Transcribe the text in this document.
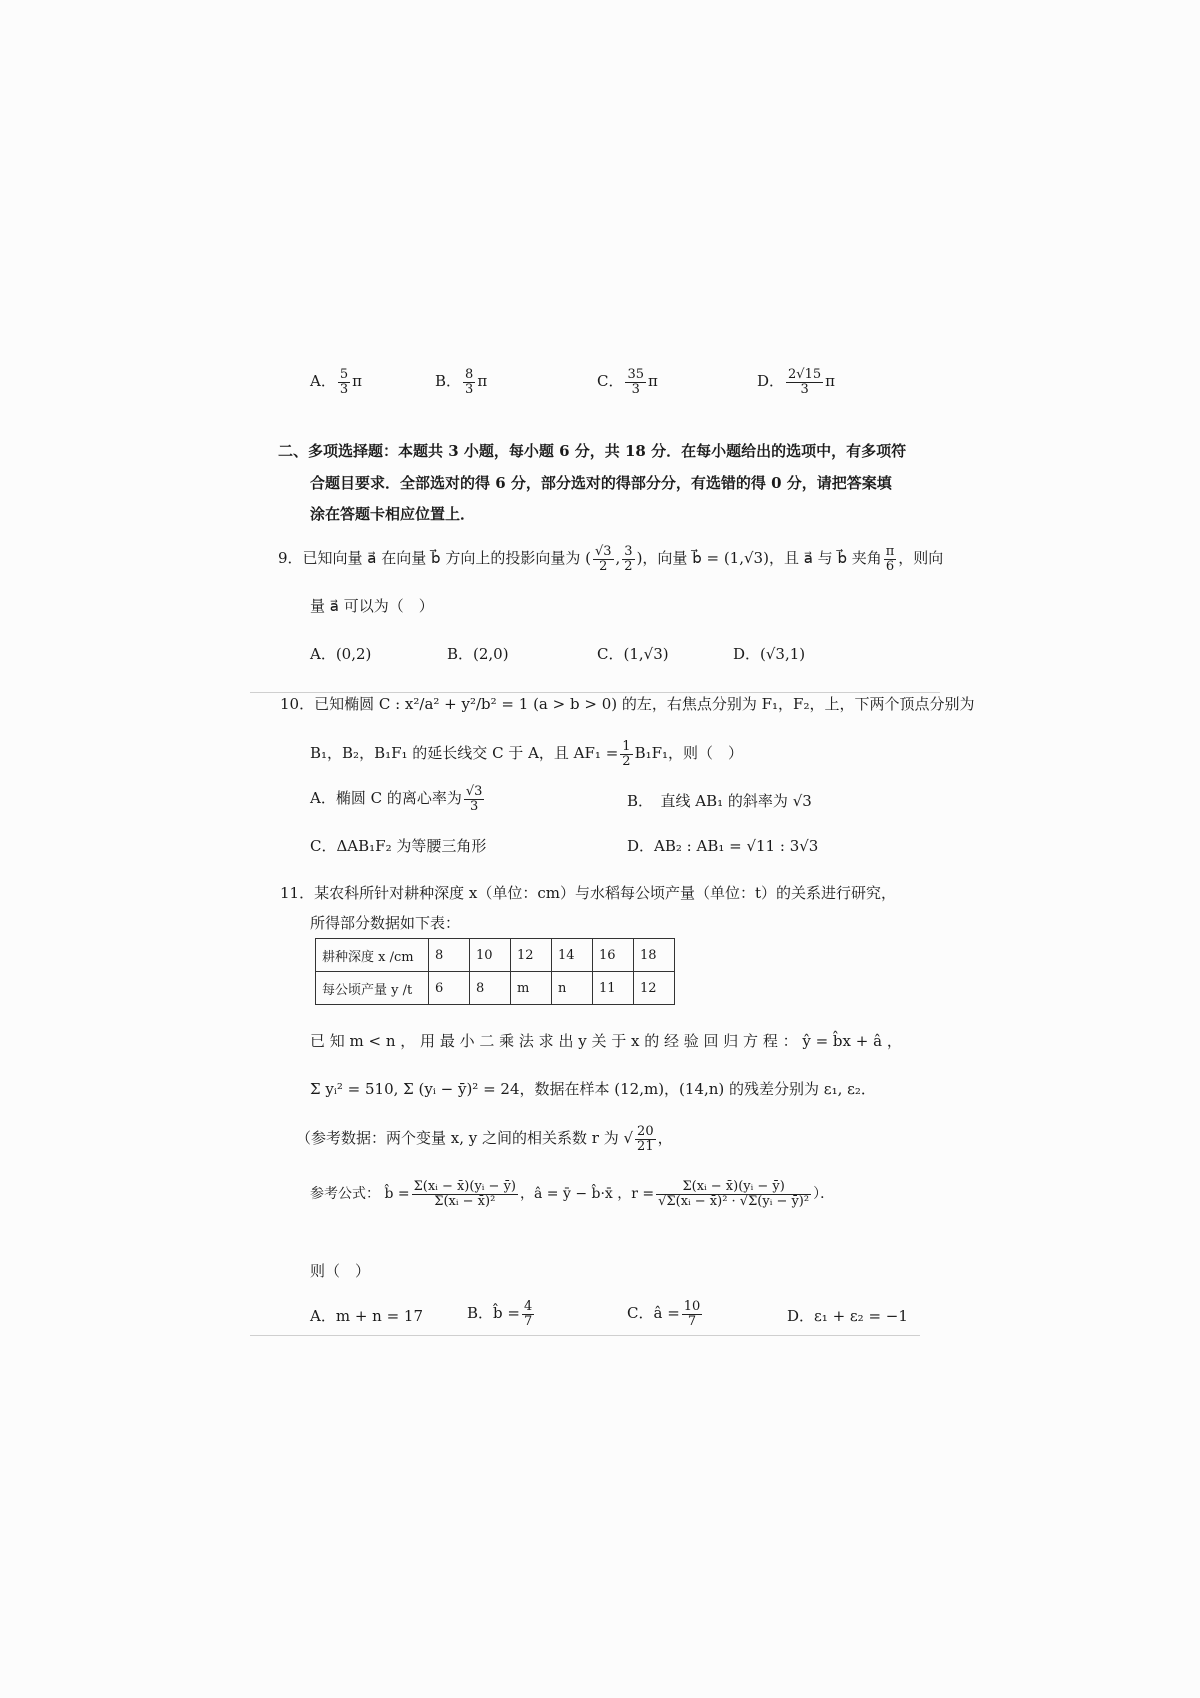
A． $\frac{5}{3}$ π	B． $\frac{8}{3}$ π	C． $\frac{35}{3}$ π	D． $\frac{2√15}{3}$ π
二、多项选择题：本题共 3 小题，每小题 6 分，共 18 分．在每小题给出的选项中，有多项符
合题目要求．全部选对的得 6 分，部分选对的得部分分，有选错的得 0 分，请把答案填
涂在答题卡相应位置上．
9．已知向量 a⃗ 在向量 b⃗ 方向上的投影向量为 ( $\frac{√3}{2}$ , $\frac{3}{2}$ )，向量 b⃗ = (1,√3)，且 a⃗ 与 b⃗ 夹角 $\frac{\pi}{6}$ ，则向
量 a⃗ 可以为（　）
A．(0,2)	B．(2,0)	C．(1,√3)	D．(√3,1)
10．已知椭圆 C : x²/a² + y²/b² = 1 (a > b > 0) 的左，右焦点分别为 F₁，F₂，上，下两个顶点分别为
B₁，B₂，B₁F₁ 的延长线交 C 于 A，且 $AF_1 = \frac{1}{2} B_1F_1$，则（　）
A．椭圆 C 的离心率为 $\frac{√3}{3}$	B．　直线 AB₁ 的斜率为 √3
C．ΔAB₁F₂ 为等腰三角形	D．AB₂ : AB₁ = √11 : 3√3
11．某农科所针对耕种深度 x（单位：cm）与水稻每公顷产量（单位：t）的关系进行研究，
所得部分数据如下表：
耕种深度 x /cm	8	10	12	14	16	18
每公顷产量 y /t	6	8	m	n	11	12
已 知 m < n ， 用 最 小 二 乘 法 求 出 y 关 于 x 的 经 验 回 归 方 程 ： ŷ = b̂x + â ，
Σ yᵢ² = 510, Σ (yᵢ − ȳ)² = 24，数据在样本 (12,m)，(14,n) 的残差分别为 ε₁, ε₂．
（参考数据：两个变量 x, y 之间的相关系数 r 为 √ $\frac{20}{21}$ ，
参考公式： b̂ = $\frac{\text{Σ(xᵢ − x̄)(yᵢ − ȳ)}}{\text{Σ(xᵢ − x̄)²}}$ ，â = ȳ − b̂·x̄ ，$r = \frac{\text{Σ(xᵢ − x̄)(yᵢ − ȳ)}}{\text{√Σ(xᵢ − x̄)² · √Σ(yᵢ − ȳ)²}}$ ）．
则（　）
A．m + n = 17	B．b̂ = $\frac{4}{7}$	C．â = $\frac{10}{7}$	D．ε₁ + ε₂ = −1
